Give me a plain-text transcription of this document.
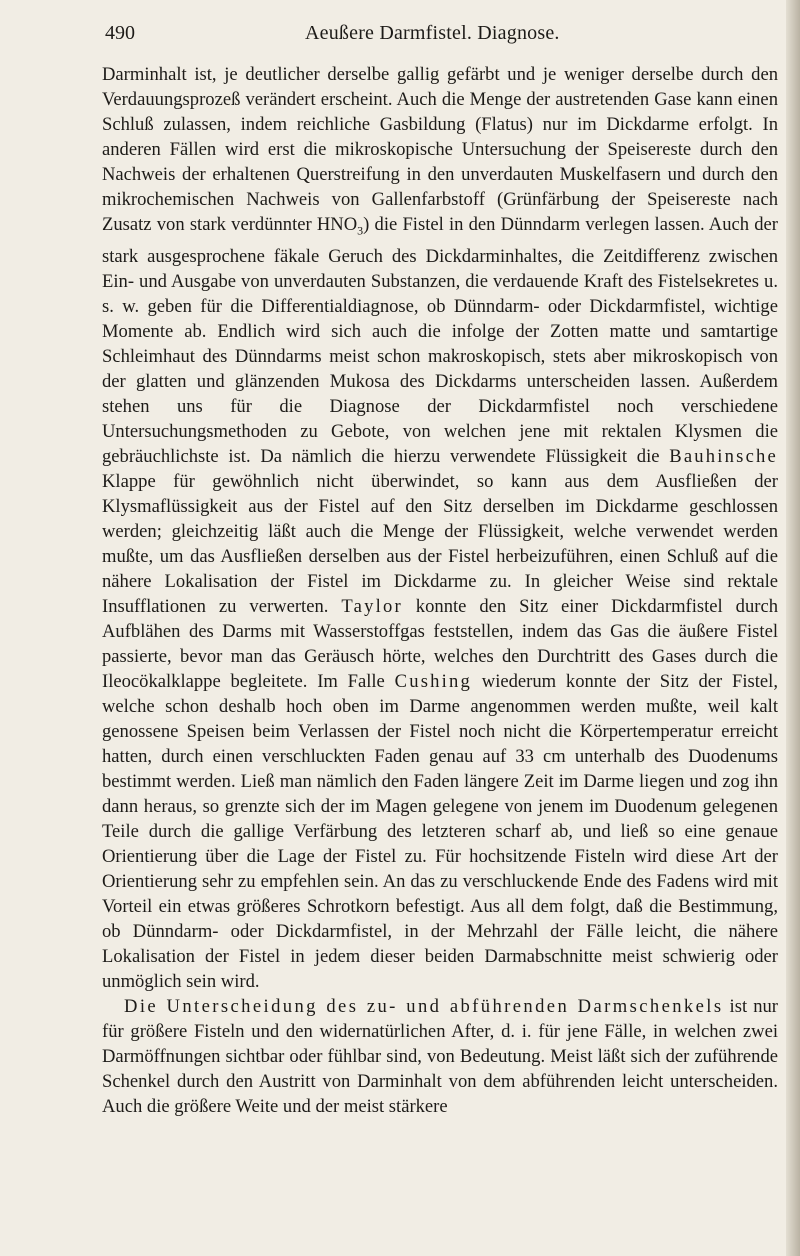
490	Aeußere Darmfistel. Diagnose.

Darminhalt ist, je deutlicher derselbe gallig gefärbt und je weniger derselbe durch den Verdauungsprozeß verändert erscheint. Auch die Menge der austretenden Gase kann einen Schluß zulassen, indem reichliche Gasbildung (Flatus) nur im Dickdarme erfolgt. In anderen Fällen wird erst die mikroskopische Untersuchung der Speisereste durch den Nachweis der erhaltenen Querstreifung in den unverdauten Muskelfasern und durch den mikrochemischen Nachweis von Gallenfarbstoff (Grünfärbung der Speisereste nach Zusatz von stark verdünnter $HNO_3$) die Fistel in den Dünndarm verlegen lassen. Auch der stark ausgesprochene fäkale Geruch des Dickdarminhaltes, die Zeitdifferenz zwischen Ein- und Ausgabe von unverdauten Substanzen, die verdauende Kraft des Fistelsekretes u. s. w. geben für die Differentialdiagnose, ob Dünndarm- oder Dickdarmfistel, wichtige Momente ab. Endlich wird sich auch die infolge der Zotten matte und samtartige Schleimhaut des Dünndarms meist schon makroskopisch, stets aber mikroskopisch von der glatten und glänzenden Mukosa des Dickdarms unterscheiden lassen. Außerdem stehen uns für die Diagnose der Dickdarmfistel noch verschiedene Untersuchungsmethoden zu Gebote, von welchen jene mit rektalen Klysmen die gebräuchlichste ist. Da nämlich die hierzu verwendete Flüssigkeit die Bauhinsche Klappe für gewöhnlich nicht überwindet, so kann aus dem Ausfließen der Klysmaflüssigkeit aus der Fistel auf den Sitz derselben im Dickdarme geschlossen werden; gleichzeitig läßt auch die Menge der Flüssigkeit, welche verwendet werden mußte, um das Ausfließen derselben aus der Fistel herbeizuführen, einen Schluß auf die nähere Lokalisation der Fistel im Dickdarme zu. In gleicher Weise sind rektale Insufflationen zu verwerten. Taylor konnte den Sitz einer Dickdarmfistel durch Aufblähen des Darms mit Wasserstoffgas feststellen, indem das Gas die äußere Fistel passierte, bevor man das Geräusch hörte, welches den Durchtritt des Gases durch die Ileocökalklappe begleitete. Im Falle Cushing wiederum konnte der Sitz der Fistel, welche schon deshalb hoch oben im Darme angenommen werden mußte, weil kalt genossene Speisen beim Verlassen der Fistel noch nicht die Körpertemperatur erreicht hatten, durch einen verschluckten Faden genau auf 33 cm unterhalb des Duodenums bestimmt werden. Ließ man nämlich den Faden längere Zeit im Darme liegen und zog ihn dann heraus, so grenzte sich der im Magen gelegene von jenem im Duodenum gelegenen Teile durch die gallige Verfärbung des letzteren scharf ab, und ließ so eine genaue Orientierung über die Lage der Fistel zu. Für hochsitzende Fisteln wird diese Art der Orientierung sehr zu empfehlen sein. An das zu verschluckende Ende des Fadens wird mit Vorteil ein etwas größeres Schrotkorn befestigt. Aus all dem folgt, daß die Bestimmung, ob Dünndarm- oder Dickdarmfistel, in der Mehrzahl der Fälle leicht, die nähere Lokalisation der Fistel in jedem dieser beiden Darmabschnitte meist schwierig oder unmöglich sein wird.

Die Unterscheidung des zu- und abführenden Darmschenkels ist nur für größere Fisteln und den widernatürlichen After, d. i. für jene Fälle, in welchen zwei Darmöffnungen sichtbar oder fühlbar sind, von Bedeutung. Meist läßt sich der zuführende Schenkel durch den Austritt von Darminhalt von dem abführenden leicht unterscheiden. Auch die größere Weite und der meist stärkere
